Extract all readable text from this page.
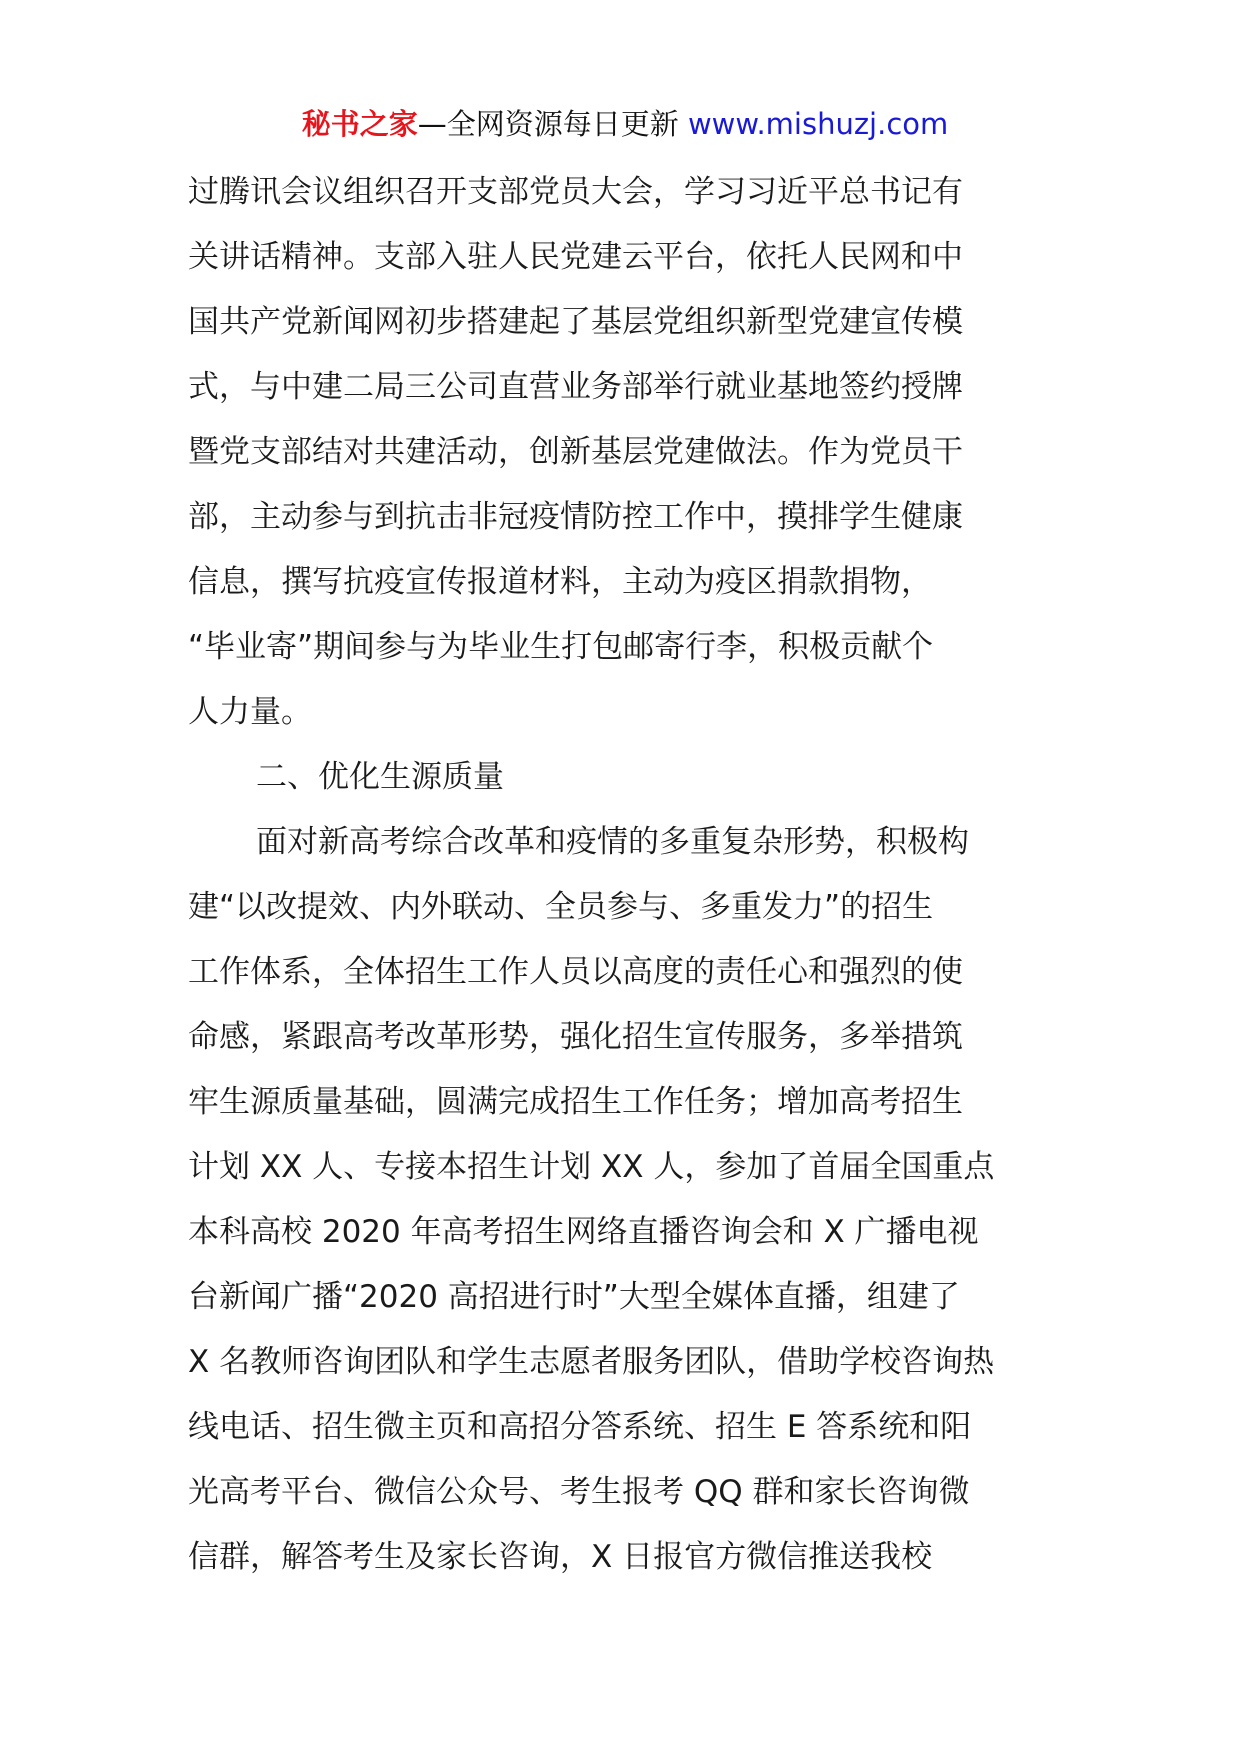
秘书之家—全网资源每日更新 www.mishuzj.com
过腾讯会议组织召开支部党员大会，学习习近平总书记有
关讲话精神。支部入驻人民党建云平台，依托人民网和中
国共产党新闻网初步搭建起了基层党组织新型党建宣传模
式，与中建二局三公司直营业务部举行就业基地签约授牌
暨党支部结对共建活动，创新基层党建做法。作为党员干
部，主动参与到抗击非冠疫情防控工作中，摸排学生健康
信息，撰写抗疫宣传报道材料，主动为疫区捐款捐物，
“毕业寄”期间参与为毕业生打包邮寄行李，积极贡献个
人力量。
二、优化生源质量
面对新高考综合改革和疫情的多重复杂形势，积极构
建“以改提效、内外联动、全员参与、多重发力”的招生
工作体系，全体招生工作人员以高度的责任心和强烈的使
命感，紧跟高考改革形势，强化招生宣传服务，多举措筑
牢生源质量基础，圆满完成招生工作任务；增加高考招生
计划 XX 人、专接本招生计划 XX 人，参加了首届全国重点
本科高校 2020 年高考招生网络直播咨询会和 X 广播电视
台新闻广播“2020 高招进行时”大型全媒体直播，组建了
X 名教师咨询团队和学生志愿者服务团队，借助学校咨询热
线电话、招生微主页和高招分答系统、招生 E 答系统和阳
光高考平台、微信公众号、考生报考 QQ 群和家长咨询微
信群，解答考生及家长咨询，X 日报官方微信推送我校
